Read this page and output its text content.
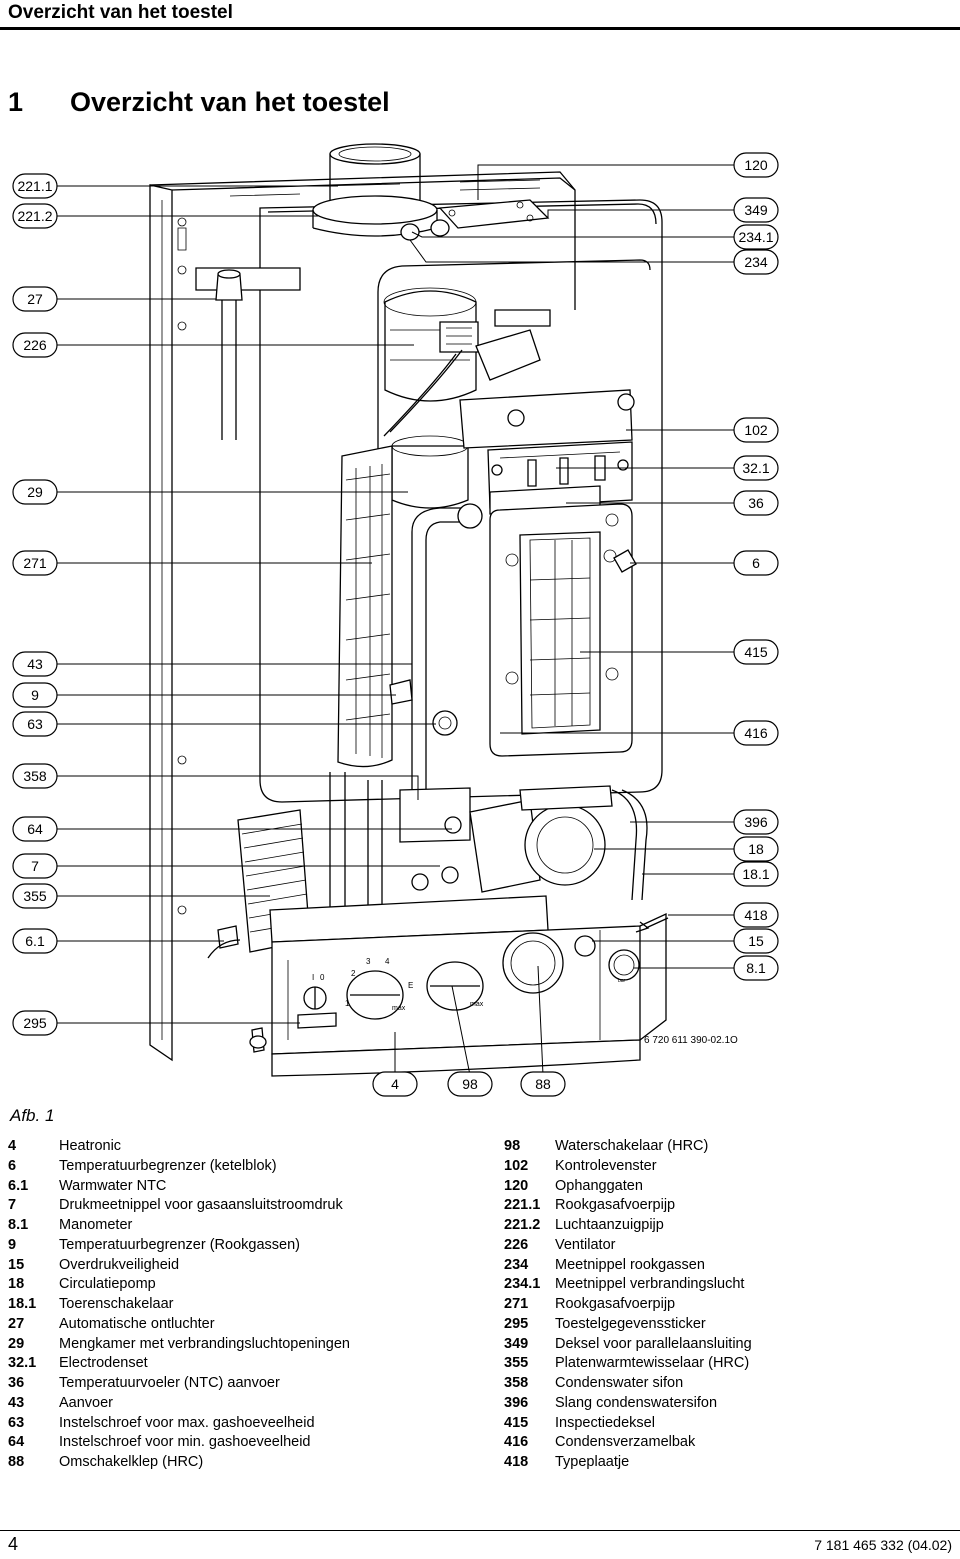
Overzicht van het toestel
1 Overzicht van het toestel
221.1
221.2
27
226
29
271
43
9
63
358
64
7
355
6.1
295
120
349
234.1
234
102
32.1
36
6
415
416
396
18
18.1
418
15
8.1
4	98	88
I 0
1
2
3 4
E
max
max
bar
6 720 611 390-02.1O
Afb. 1
4	Heatronic
6	Temperatuurbegrenzer (ketelblok)
6.1	Warmwater NTC
7	Drukmeetnippel voor gasaansluitstroomdruk
8.1	Manometer
9	Temperatuurbegrenzer (Rookgassen)
15	Overdrukveiligheid
18	Circulatiepomp
18.1	Toerenschakelaar
27	Automatische ontluchter
29	Mengkamer met verbrandingsluchtopeningen
32.1	Electrodenset
36	Temperatuurvoeler (NTC) aanvoer
43	Aanvoer
63	Instelschroef voor max. gashoeveelheid
64	Instelschroef voor min. gashoeveelheid
88	Omschakelklep (HRC)
98	Waterschakelaar (HRC)
102	Kontrolevenster
120	Ophanggaten
221.1	Rookgasafvoerpijp
221.2	Luchtaanzuigpijp
226	Ventilator
234	Meetnippel rookgassen
234.1	Meetnippel verbrandingslucht
271	Rookgasafvoerpijp
295	Toestelgegevenssticker
349	Deksel voor parallelaansluiting
355	Platenwarmtewisselaar (HRC)
358	Condenswater sifon
396	Slang condenswatersifon
415	Inspectiedeksel
416	Condensverzamelbak
418	Typeplaatje
4	7 181 465 332 (04.02)
